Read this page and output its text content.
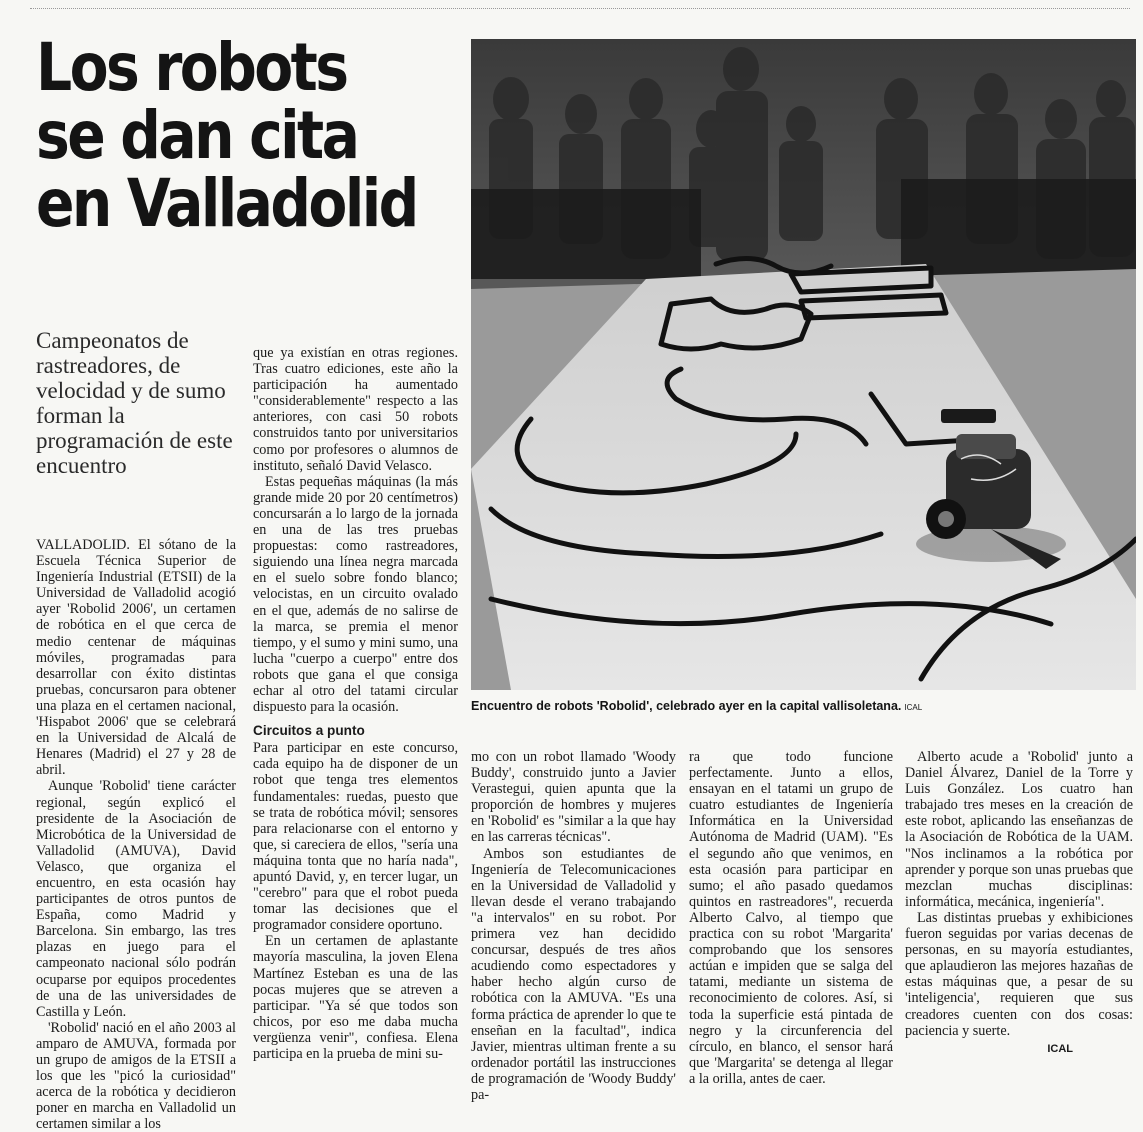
Los robots
se dan cita
en Valladolid
Campeonatos de rastreadores, de velocidad y de sumo forman la programación de este encuentro

VALLADOLID. El sótano de la Escuela Técnica Superior de Ingeniería Industrial (ETSII) de la Universidad de Valladolid acogió ayer 'Robolid 2006', un certamen de robótica en el que cerca de medio centenar de máquinas móviles, programadas para desarrollar con éxito distintas pruebas, concursaron para obtener una plaza en el certamen nacional, 'Hispabot 2006' que se celebrará en la Universidad de Alcalá de Henares (Madrid) el 27 y 28 de abril.

Aunque 'Robolid' tiene carácter regional, según explicó el presidente de la Asociación de Microbótica de la Universidad de Valladolid (AMUVA), David Velasco, que organiza el encuentro, en esta ocasión hay participantes de otros puntos de España, como Madrid y Barcelona. Sin embargo, las tres plazas en juego para el campeonato nacional sólo podrán ocuparse por equipos procedentes de una de las universidades de Castilla y León.

'Robolid' nació en el año 2003 al amparo de AMUVA, formada por un grupo de amigos de la ETSII a los que les "picó la curiosidad" acerca de la robótica y decidieron poner en marcha en Valladolid un certamen similar a los

que ya existían en otras regiones. Tras cuatro ediciones, este año la participación ha aumentado "considerablemente" respecto a las anteriores, con casi 50 robots construidos tanto por universitarios como por profesores o alumnos de instituto, señaló David Velasco.

Estas pequeñas máquinas (la más grande mide 20 por 20 centímetros) concursarán a lo largo de la jornada en una de las tres pruebas propuestas: como rastreadores, siguiendo una línea negra marcada en el suelo sobre fondo blanco; velocistas, en un circuito ovalado en el que, además de no salirse de la marca, se premia el menor tiempo, y el sumo y mini sumo, una lucha "cuerpo a cuerpo" entre dos robots que gana el que consiga echar al otro del tatami circular dispuesto para la ocasión.

Circuitos a punto

Para participar en este concurso, cada equipo ha de disponer de un robot que tenga tres elementos fundamentales: ruedas, puesto que se trata de robótica móvil; sensores para relacionarse con el entorno y que, si careciera de ellos, "sería una máquina tonta que no haría nada", apuntó David, y, en tercer lugar, un "cerebro" para que el robot pueda tomar las decisiones que el programador considere oportuno.

En un certamen de aplastante mayoría masculina, la joven Elena Martínez Esteban es una de las pocas mujeres que se atreven a participar. "Ya sé que todos son chicos, por eso me daba mucha vergüenza venir", confiesa. Elena participa en la prueba de mini su-

Encuentro de robots 'Robolid', celebrado ayer en la capital vallisoletana. ICAL

mo con un robot llamado 'Woody Buddy', construido junto a Javier Verastegui, quien apunta que la proporción de hombres y mujeres en 'Robolid' es "similar a la que hay en las carreras técnicas".

Ambos son estudiantes de Ingeniería de Telecomunicaciones en la Universidad de Valladolid y llevan desde el verano trabajando "a intervalos" en su robot. Por primera vez han decidido concursar, después de tres años acudiendo como espectadores y haber hecho algún curso de robótica con la AMUVA. "Es una forma práctica de aprender lo que te enseñan en la facultad", indica Javier, mientras ultiman frente a su ordenador portátil las instrucciones de programación de 'Woody Buddy' pa-

ra que todo funcione perfectamente. Junto a ellos, ensayan en el tatami un grupo de cuatro estudiantes de Ingeniería Informática en la Universidad Autónoma de Madrid (UAM). "Es el segundo año que venimos, en esta ocasión para participar en sumo; el año pasado quedamos quintos en rastreadores", recuerda Alberto Calvo, al tiempo que practica con su robot 'Margarita' comprobando que los sensores actúan e impiden que se salga del tatami, mediante un sistema de reconocimiento de colores. Así, si toda la superficie está pintada de negro y la circunferencia del círculo, en blanco, el sensor hará que 'Margarita' se detenga al llegar a la orilla, antes de caer.

Alberto acude a 'Robolid' junto a Daniel Álvarez, Daniel de la Torre y Luis González. Los cuatro han trabajado tres meses en la creación de este robot, aplicando las enseñanzas de la Asociación de Robótica de la UAM. "Nos inclinamos a la robótica por aprender y porque son unas pruebas que mezclan muchas disciplinas: informática, mecánica, ingeniería".

Las distintas pruebas y exhibiciones fueron seguidas por varias decenas de personas, en su mayoría estudiantes, que aplaudieron las mejores hazañas de estas máquinas que, a pesar de su 'inteligencia', requieren que sus creadores cuenten con dos cosas: paciencia y suerte.

ICAL
